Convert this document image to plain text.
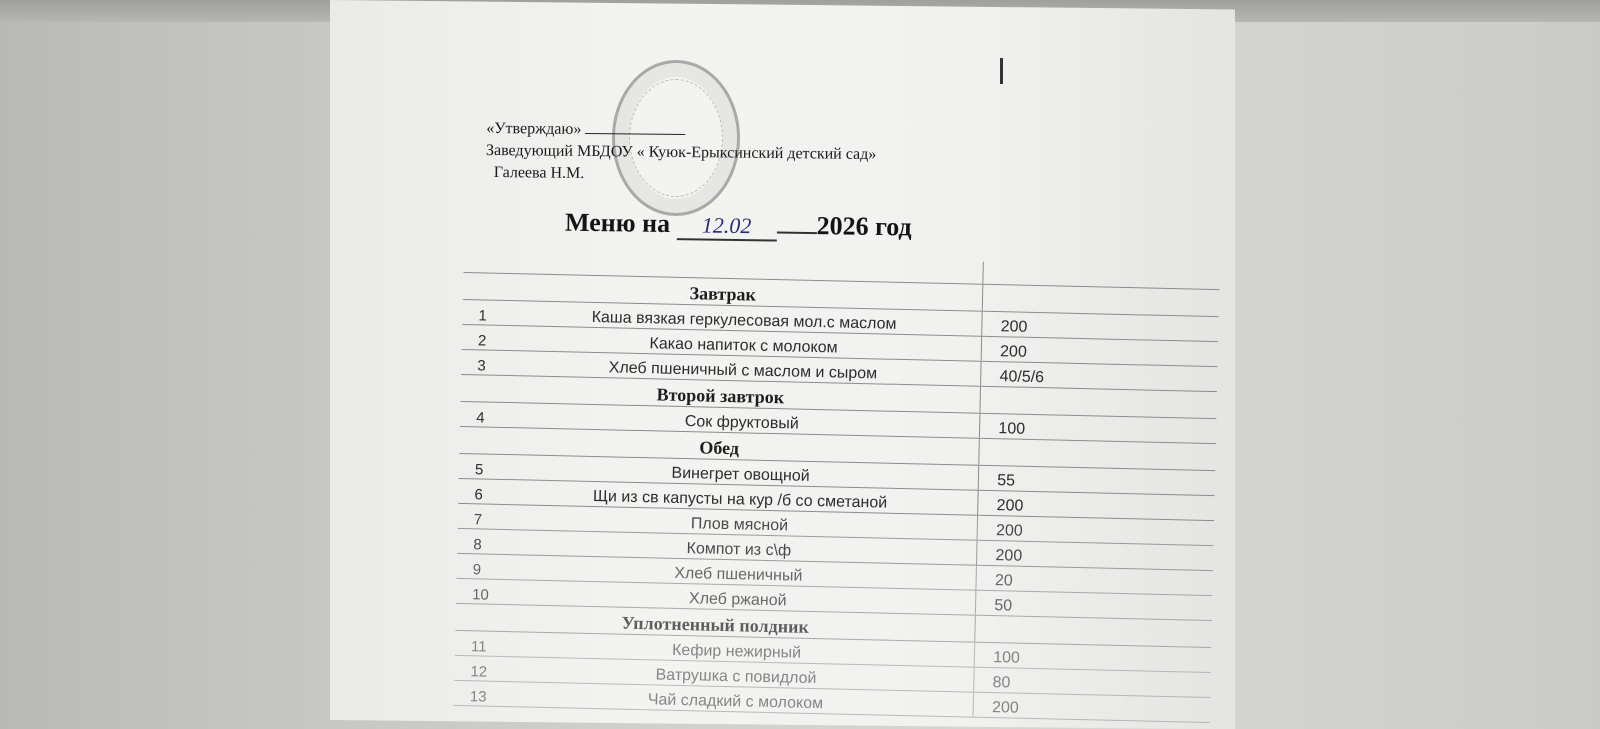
«Утверждаю»
Заведующий МБДОУ « Куюк-Ерыксинский детский сад»
Галеева Н.М.
Меню на 12.02 2026 год
Завтрак
1	Каша вязкая геркулесовая мол.с маслом	200
2	Какао напиток с молоком	200
3	Хлеб пшеничный с маслом и сыром	40/5/6
Второй завтрок
4	Сок фруктовый	100
Обед
5	Винегрет овощной	55
6	Щи из св капусты на кур /б со сметаной	200
7	Плов мясной	200
8	Компот из с\ф	200
9	Хлеб пшеничный	20
10	Хлеб ржаной	50
Уплотненный полдник
11	Кефир нежирный	100
12	Ватрушка с повидлой	80
13	Чай сладкий с молоком	200
